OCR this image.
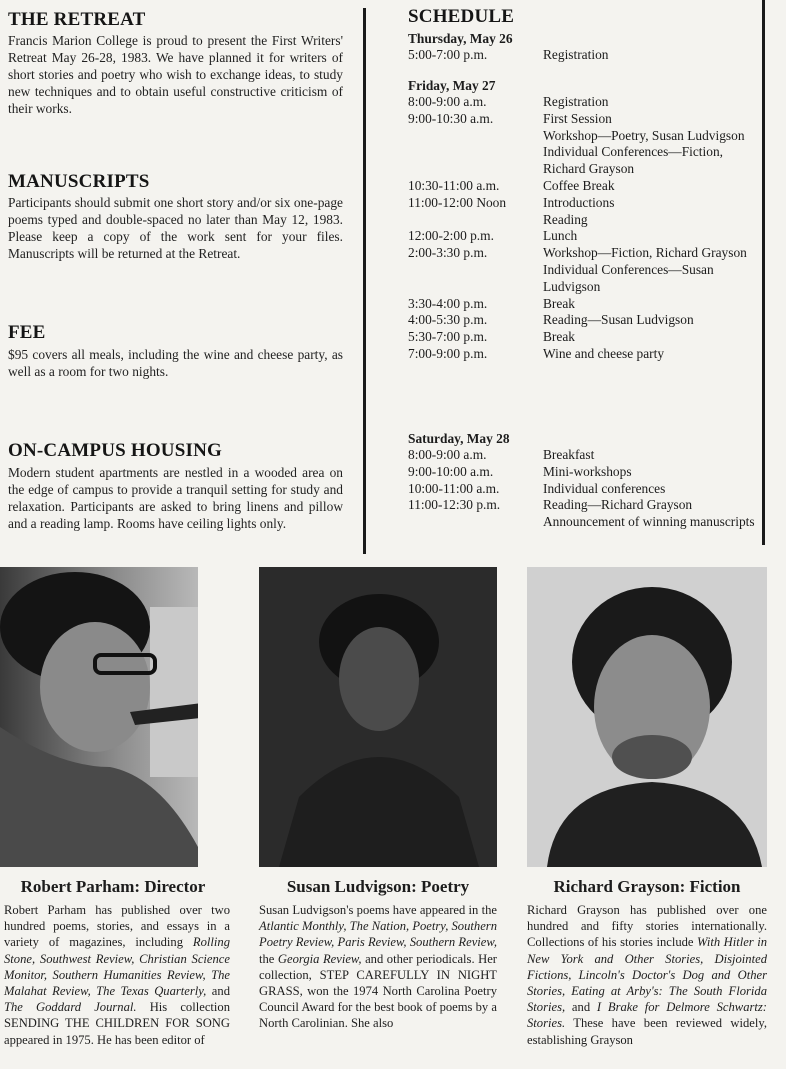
THE RETREAT

Francis Marion College is proud to present the First Writers' Retreat May 26-28, 1983. We have planned it for writers of short stories and poetry who wish to exchange ideas, to study new techniques and to obtain useful constructive criticism of their works.

MANUSCRIPTS

Participants should submit one short story and/or six one-page poems typed and double-spaced no later than May 12, 1983. Please keep a copy of the work sent for your files. Manuscripts will be returned at the Retreat.

FEE

$95 covers all meals, including the wine and cheese party, as well as a room for two nights.

ON-CAMPUS HOUSING

Modern student apartments are nestled in a wooded area on the edge of campus to provide a tranquil setting for study and relaxation. Participants are asked to bring linens and pillow and a reading lamp. Rooms have ceiling lights only.

SCHEDULE
Thursday, May 26
5:00-7:00 p.m.	Registration
Friday, May 27
8:00-9:00 a.m.	Registration
9:00-10:30 a.m.	First Session
Workshop—Poetry, Susan Ludvigson
Individual Conferences—Fiction, Richard Grayson
10:30-11:00 a.m.	Coffee Break
11:00-12:00 Noon	Introductions
Reading
12:00-2:00 p.m.	Lunch
2:00-3:30 p.m.	Workshop—Fiction, Richard Grayson
Individual Conferences—Susan Ludvigson
3:30-4:00 p.m.	Break
4:00-5:30 p.m.	Reading—Susan Ludvigson
5:30-7:00 p.m.	Break
7:00-9:00 p.m.	Wine and cheese party
Saturday, May 28
8:00-9:00 a.m.	Breakfast
9:00-10:00 a.m.	Mini-workshops
10:00-11:00 a.m.	Individual conferences
11:00-12:30 p.m.	Reading—Richard Grayson
Announcement of winning manuscripts
Robert Parham: Director	Susan Ludvigson: Poetry	Richard Grayson: Fiction

Robert Parham has published over two hundred poems, stories, and essays in a variety of magazines, including Rolling Stone, Southwest Review, Christian Science Monitor, Southern Humanities Review, The Malahat Review, The Texas Quarterly, and The Goddard Journal. His collection SENDING THE CHILDREN FOR SONG appeared in 1975. He has been editor of

Susan Ludvigson's poems have appeared in the Atlantic Monthly, The Nation, Poetry, Southern Poetry Review, Paris Review, Southern Review, the Georgia Review, and other periodicals. Her collection, STEP CAREFULLY IN NIGHT GRASS, won the 1974 North Carolina Poetry Council Award for the best book of poems by a North Carolinian. She also

Richard Grayson has published over one hundred and fifty stories internationally. Collections of his stories include With Hitler in New York and Other Stories, Disjointed Fictions, Lincoln's Doctor's Dog and Other Stories, Eating at Arby's: The South Florida Stories, and I Brake for Delmore Schwartz: Stories. These have been reviewed widely, establishing Grayson
